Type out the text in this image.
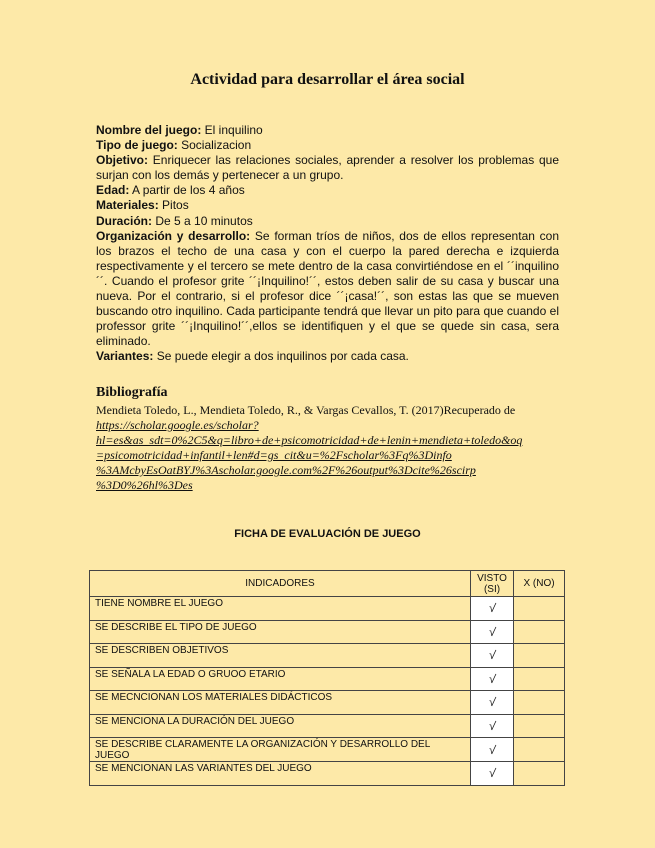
Actividad para desarrollar el área social

Nombre del juego: El inquilino

Tipo de juego: Socializacion

Objetivo: Enriquecer las relaciones sociales, aprender a resolver los problemas que surjan con los demás y pertenecer a un grupo.

Edad: A partir de los 4 años

Materiales: Pitos

Duración: De 5 a 10 minutos

Organización y desarrollo: Se forman tríos de niños, dos de ellos representan con los brazos el techo de una casa y con el cuerpo la pared derecha e izquierda respectivamente y el tercero se mete dentro de la casa convirtiéndose en el ´´inquilino´´. Cuando el profesor grite ´´¡Inquilino!´´, estos deben salir de su casa y buscar una nueva. Por el contrario, si el profesor dice ´´¡casa!´´, son estas las que se mueven buscando otro inquilino. Cada participante tendrá que llevar un pito para que cuando el professor grite ´´¡Inquilino!´´,ellos se identifiquen y el que se quede sin casa, sera eliminado.

Variantes: Se puede elegir a dos inquilinos por cada casa.

Bibliografía
Mendieta Toledo, L., Mendieta Toledo, R., & Vargas Cevallos, T. (2017)Recuperado de https://scholar.google.es/scholar?
hl=es&as_sdt=0%2C5&q=libro+de+psicomotricidad+de+lenin+mendieta+toledo&oq
=psicomotricidad+infantil+len#d=gs_cit&u=%2Fscholar%3Fq%3Dinfo
%3AMcbyEsOatBYJ%3Ascholar.google.com%2F%26output%3Dcite%26scirp
%3D0%26hl%3Des
FICHA DE EVALUACIÓN DE JUEGO
INDICADORES	VISTO (SI)	X (NO)
TIENE NOMBRE EL JUEGO	√	
SE DESCRIBE EL TIPO DE JUEGO	√	
SE DESCRIBEN OBJETIVOS	√	
SE SEÑALA LA EDAD O GRUOO ETARIO	√	
SE MECNCIONAN LOS MATERIALES DIDÁCTICOS	√	
SE MENCIONA LA DURACIÓN DEL JUEGO	√	
SE DESCRIBE CLARAMENTE LA ORGANIZACIÓN Y DESARROLLO DEL JUEGO	√	
SE MENCIONAN LAS VARIANTES DEL JUEGO	√	
